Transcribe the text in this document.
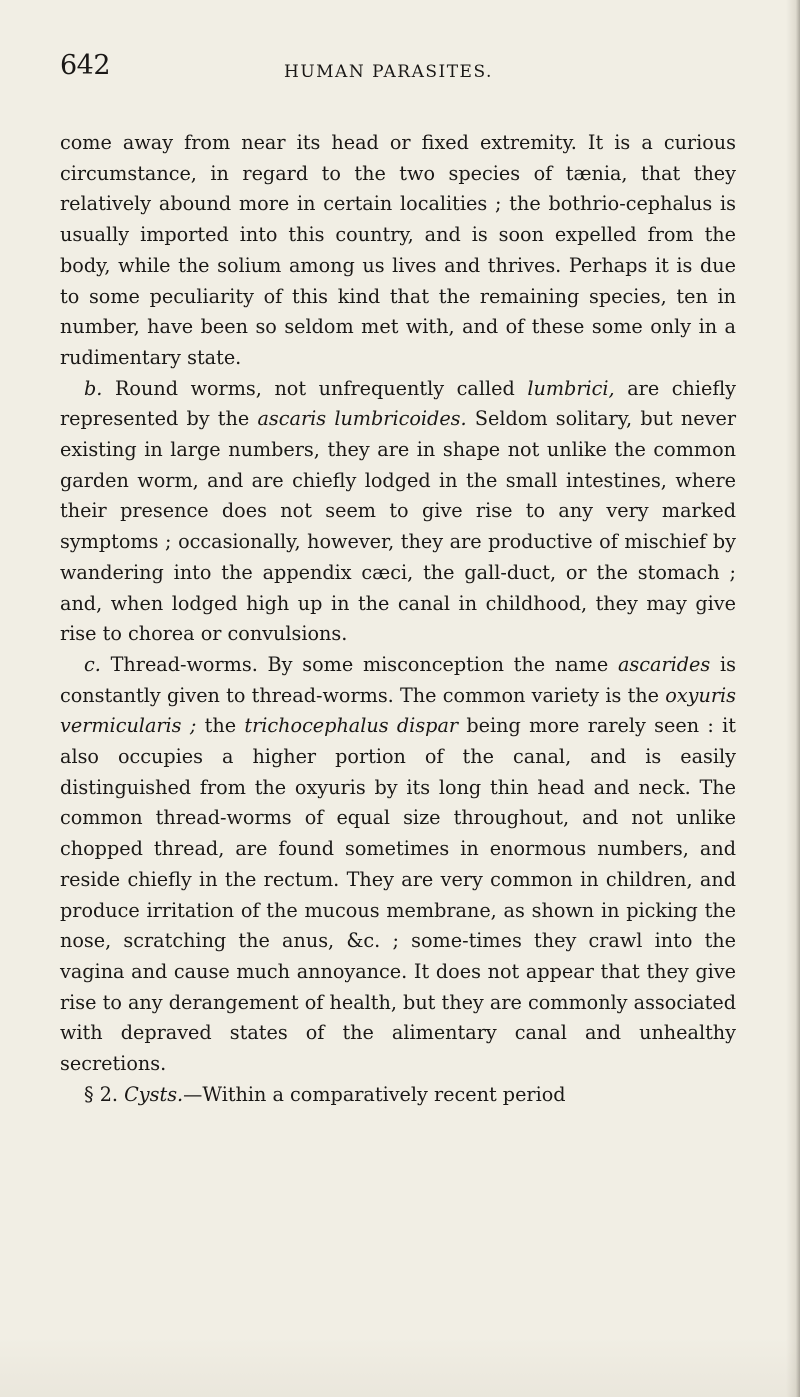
642	HUMAN PARASITES.

come away from near its head or fixed extremity. It is a curious circumstance, in regard to the two species of tænia, that they relatively abound more in certain localities ; the bothrio-cephalus is usually imported into this country, and is soon expelled from the body, while the solium among us lives and thrives. Perhaps it is due to some peculiarity of this kind that the remaining species, ten in number, have been so seldom met with, and of these some only in a rudimentary state.

b. Round worms, not unfrequently called lumbrici, are chiefly represented by the ascaris lumbricoides. Seldom solitary, but never existing in large numbers, they are in shape not unlike the common garden worm, and are chiefly lodged in the small intestines, where their presence does not seem to give rise to any very marked symptoms ; occasionally, however, they are productive of mischief by wandering into the appendix cæci, the gall-duct, or the stomach ; and, when lodged high up in the canal in childhood, they may give rise to chorea or convulsions.

c. Thread-worms. By some misconception the name ascarides is constantly given to thread-worms. The common variety is the oxyuris vermicularis ; the trichocephalus dispar being more rarely seen : it also occupies a higher portion of the canal, and is easily distinguished from the oxyuris by its long thin head and neck. The common thread-worms of equal size throughout, and not unlike chopped thread, are found sometimes in enormous numbers, and reside chiefly in the rectum. They are very common in children, and produce irritation of the mucous membrane, as shown in picking the nose, scratching the anus, &c. ; some-times they crawl into the vagina and cause much annoyance. It does not appear that they give rise to any derangement of health, but they are commonly associated with depraved states of the alimentary canal and unhealthy secretions.

§ 2. Cysts.—Within a comparatively recent period
